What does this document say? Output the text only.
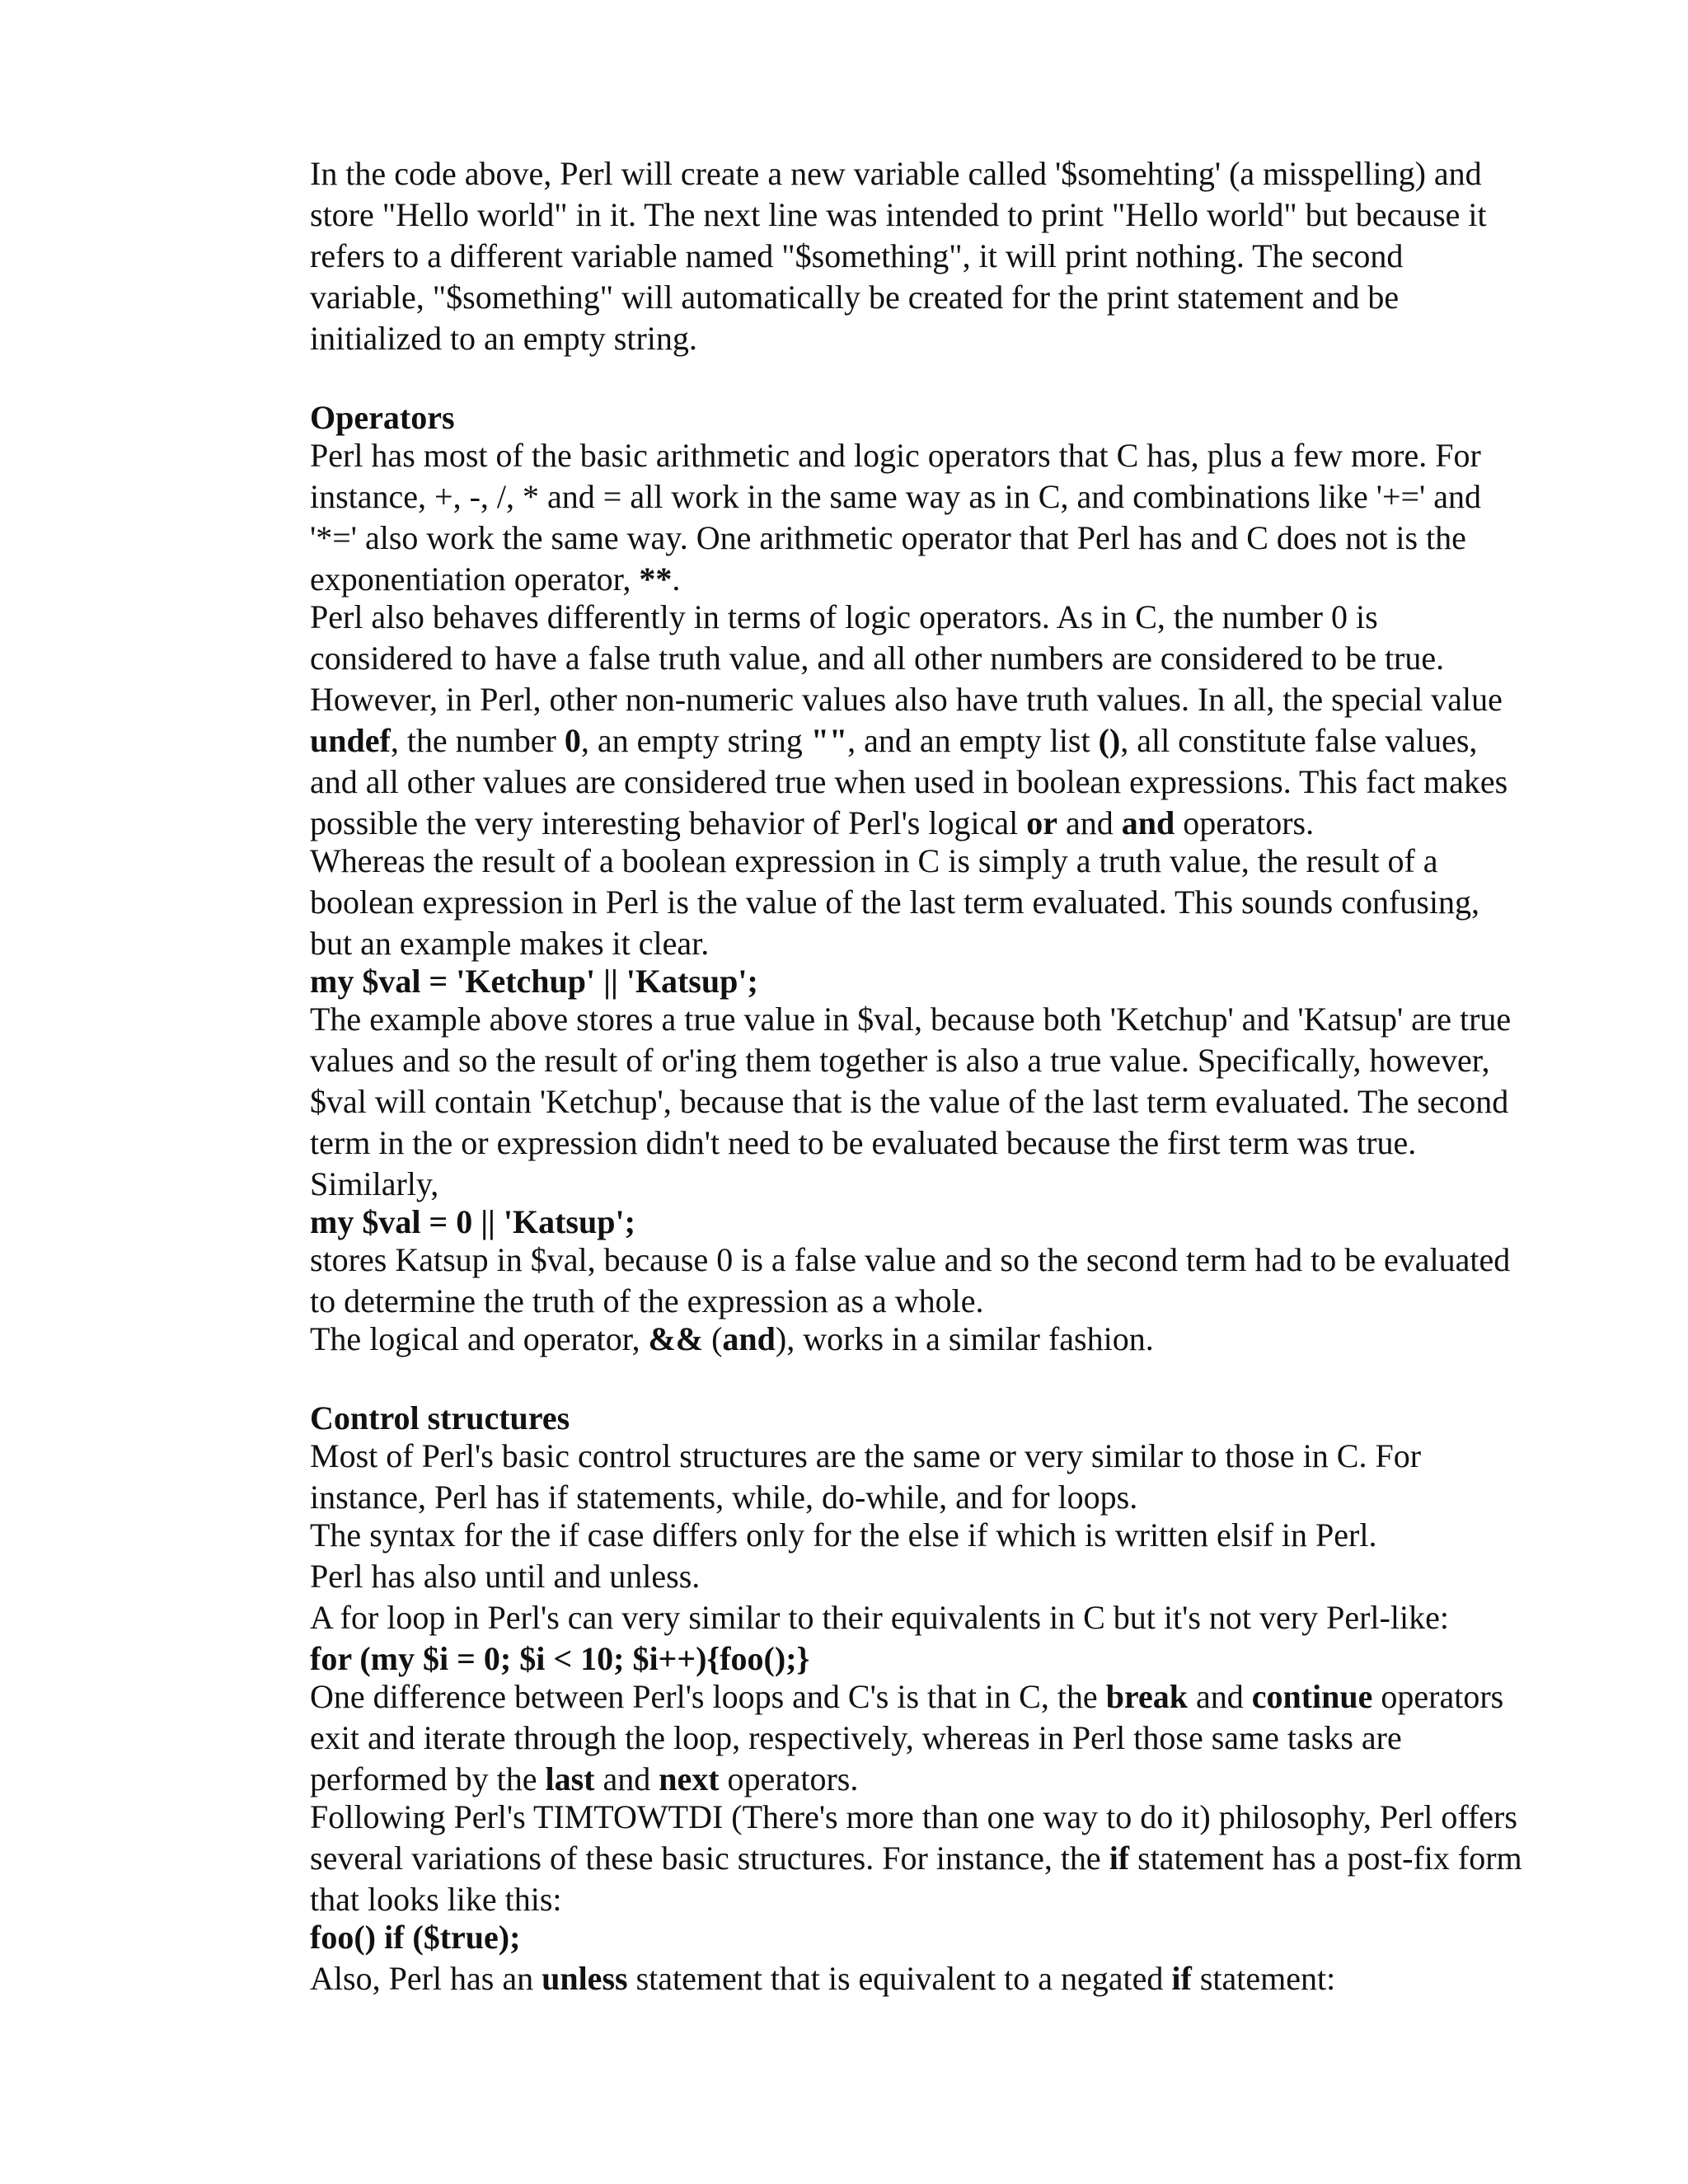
In the code above, Perl will create a new variable called '$somehting' (a misspelling) and

store "Hello world" in it. The next line was intended to print "Hello world" but because it

refers to a different variable named "$something", it will print nothing. The second

variable, "$something" will automatically be created for the print statement and be

initialized to an empty string.

Operators

Perl has most of the basic arithmetic and logic operators that C has, plus a few more. For

instance, +, -, /, * and = all work in the same way as in C, and combinations like '+=' and

'*=' also work the same way. One arithmetic operator that Perl has and C does not is the

exponentiation operator, **.

Perl also behaves differently in terms of logic operators. As in C, the number 0 is

considered to have a false truth value, and all other numbers are considered to be true.

However, in Perl, other non-numeric values also have truth values. In all, the special value

undef, the number 0, an empty string "", and an empty list (), all constitute false values,

and all other values are considered true when used in boolean expressions. This fact makes

possible the very interesting behavior of Perl's logical or and and operators.

Whereas the result of a boolean expression in C is simply a truth value, the result of a

boolean expression in Perl is the value of the last term evaluated. This sounds confusing,

but an example makes it clear.

my $val = 'Ketchup' || 'Katsup';

The example above stores a true value in $val, because both 'Ketchup' and 'Katsup' are true

values and so the result of or'ing them together is also a true value. Specifically, however,

$val will contain 'Ketchup', because that is the value of the last term evaluated. The second

term in the or expression didn't need to be evaluated because the first term was true.

Similarly,

my $val = 0 || 'Katsup';

stores Katsup in $val, because 0 is a false value and so the second term had to be evaluated

to determine the truth of the expression as a whole.

The logical and operator, && (and), works in a similar fashion.

Control structures

Most of Perl's basic control structures are the same or very similar to those in C. For

instance, Perl has if statements, while, do-while, and for loops.

The syntax for the if case differs only for the else if which is written elsif in Perl.

Perl has also until and unless.

A for loop in Perl's can very similar to their equivalents in C but it's not very Perl-like:

for (my $i = 0; $i < 10; $i++){foo();}

One difference between Perl's loops and C's is that in C, the break and continue operators

exit and iterate through the loop, respectively, whereas in Perl those same tasks are

performed by the last and next operators.

Following Perl's TIMTOWTDI (There's more than one way to do it) philosophy, Perl offers

several variations of these basic structures. For instance, the if statement has a post-fix form

that looks like this:

foo() if ($true);

Also, Perl has an unless statement that is equivalent to a negated if statement:
